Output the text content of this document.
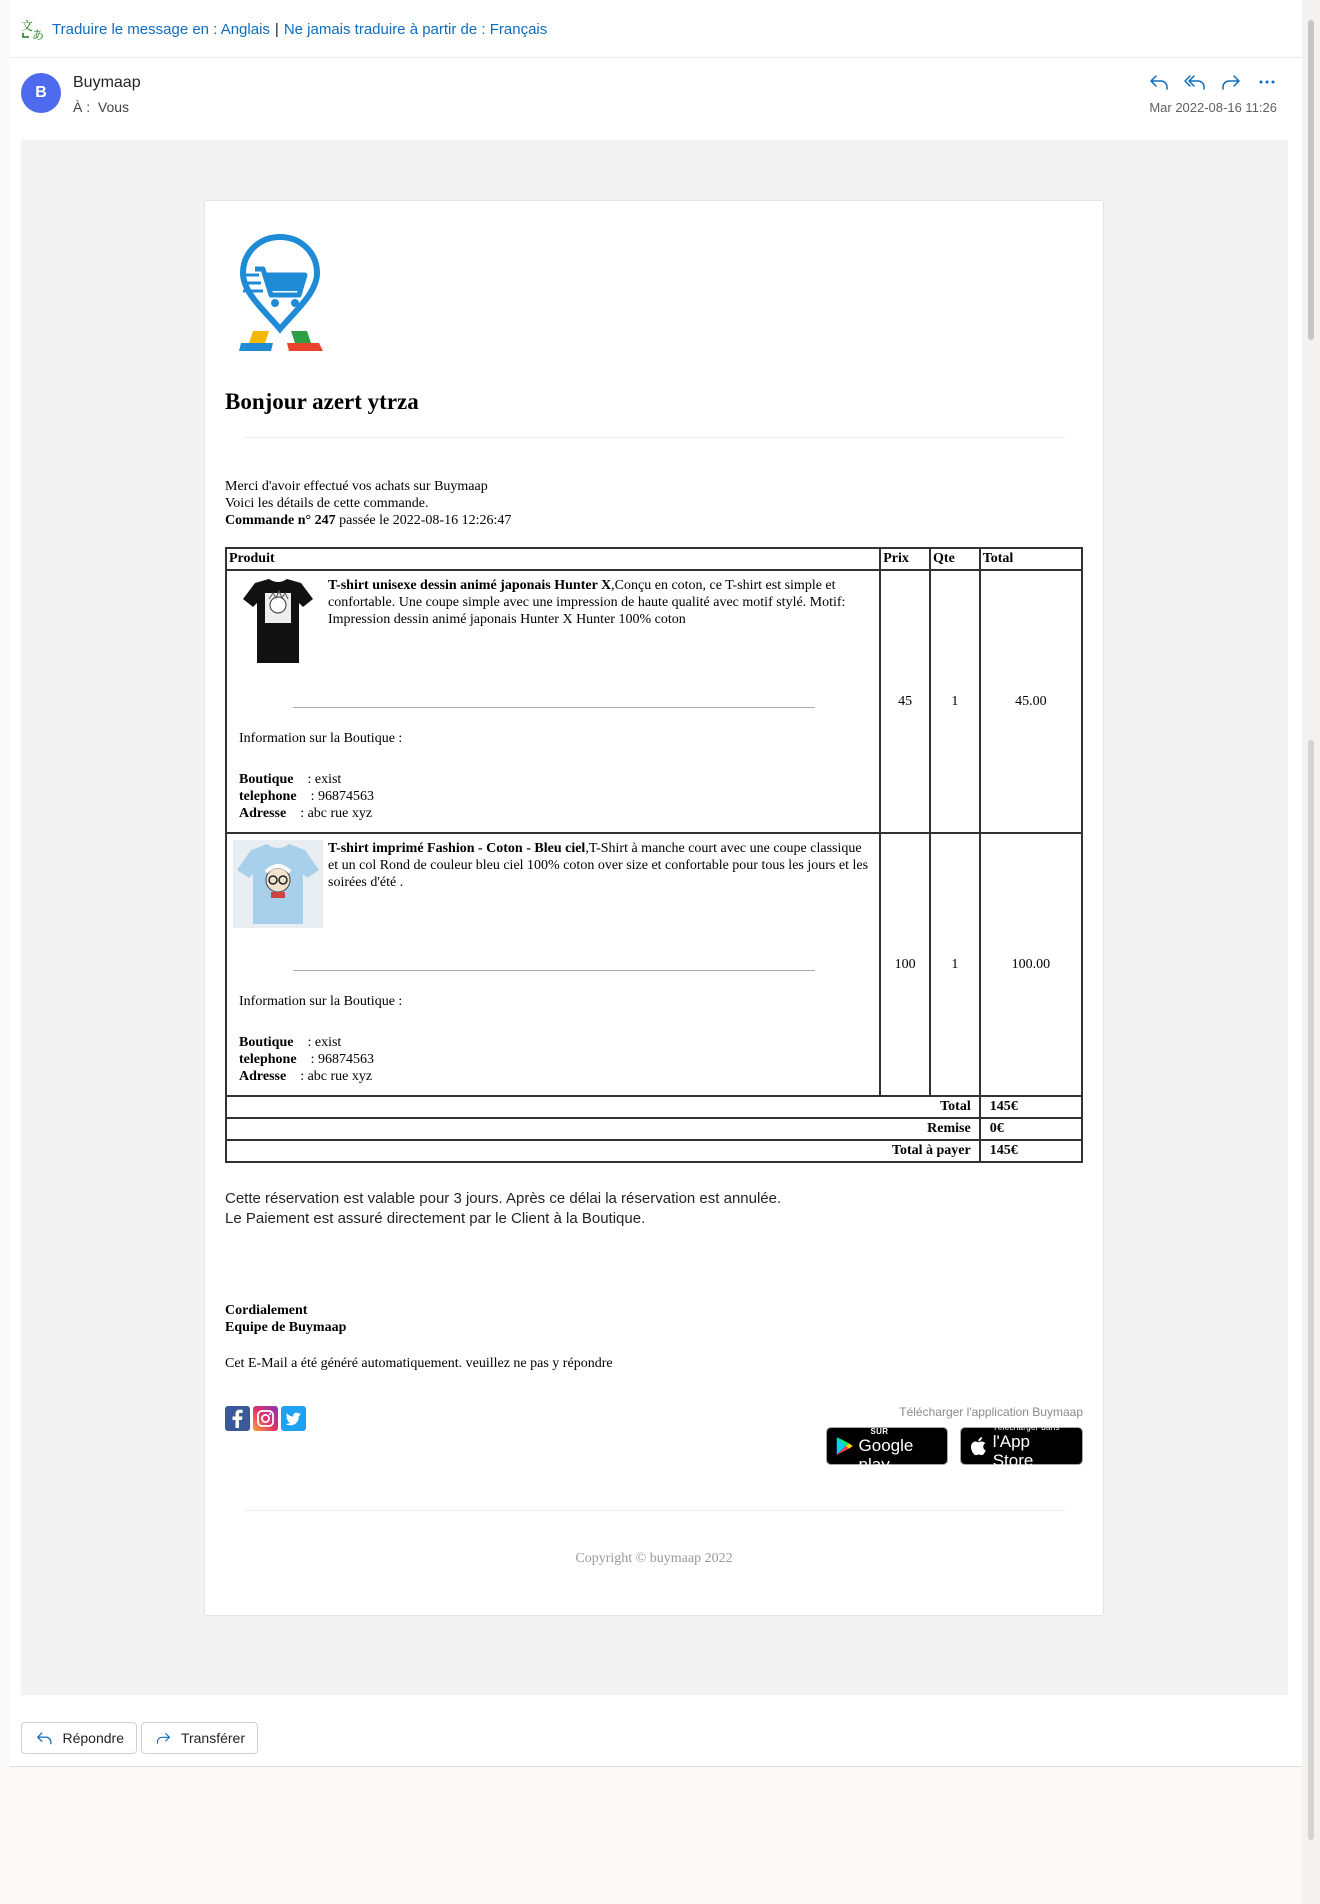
文
あ Traduire le message en : Anglais | Ne jamais traduire à partir de : Français
B
Buymaap
À : Vous	Mar 2022-08-16 11:26
Bonjour azert ytrza
Merci d'avoir effectué vos achats sur Buymaap
Voici les détails de cette commande.
Commande n° 247 passée le 2022-08-16 12:26:47
Produit	Prix	Qte	Total

T-shirt unisexe dessin animé japonais Hunter X,Conçu en coton, ce T-shirt est simple et confortable. Une coupe simple avec une impression de haute qualité avec motif stylé. Motif: Impression dessin animé japonais Hunter X Hunter 100% coton
Information sur la Boutique :
Boutique : exist
telephone : 96874563
Adresse : abc rue xyz	45	1	45.00

T-shirt imprimé Fashion - Coton - Bleu ciel,T-Shirt à manche court avec une coupe classique et un col Rond de couleur bleu ciel 100% coton over size et confortable pour tous les jours et les soirées d'été .
Information sur la Boutique :
Boutique : exist
telephone : 96874563
Adresse : abc rue xyz	100	1	100.00
Total			145€
Remise			0€
Total à payer			145€
Cette réservation est valable pour 3 jours. Après ce délai la réservation est annulée.
Le Paiement est assuré directement par le Client à la Boutique.
Cordialement
Equipe de Buymaap
Cet E-Mail a été généré automatiquement. veuillez ne pas y répondre
Télécharger l'application Buymaap
DISPONIBLE SUR
Google play
Télécharger dans
l'App Store
Copyright © buymaap 2022
Répondre	Transférer
